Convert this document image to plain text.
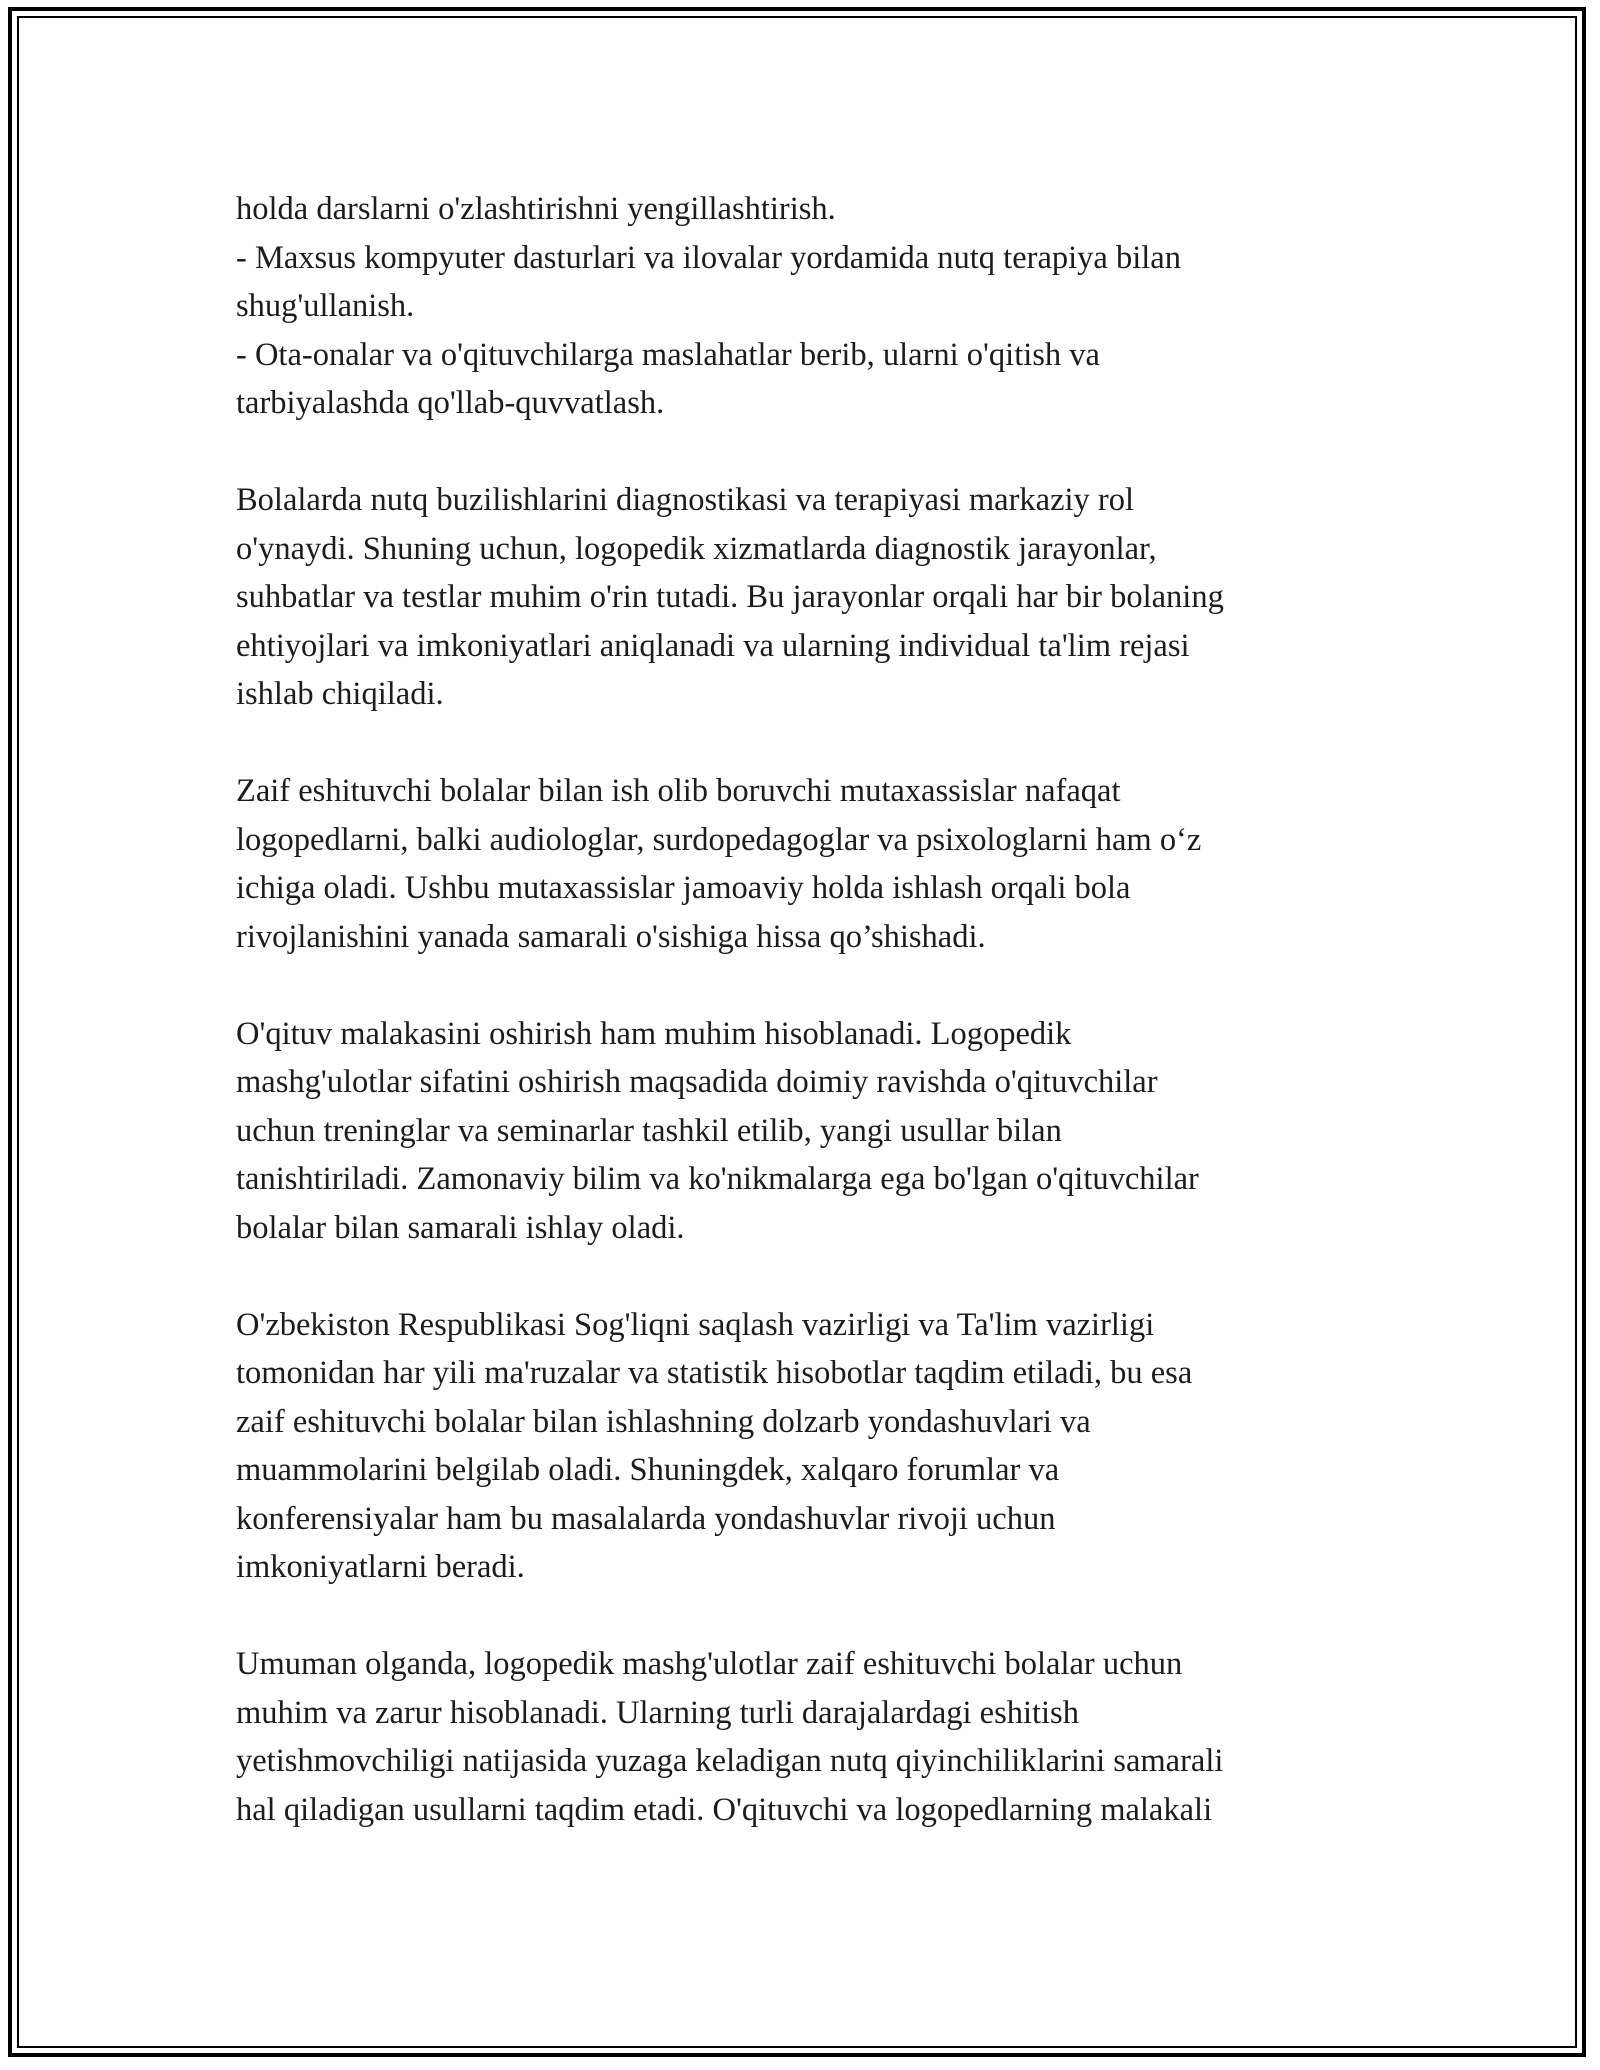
holda darslarni o'zlashtirishni yengillashtirish.
- Maxsus kompyuter dasturlari va ilovalar yordamida nutq terapiya bilan
shug'ullanish.
- Ota-onalar va o'qituvchilarga maslahatlar berib, ularni o'qitish va
tarbiyalashda qo'llab-quvvatlash.
Bolalarda nutq buzilishlarini diagnostikasi va terapiyasi markaziy rol
o'ynaydi. Shuning uchun, logopedik xizmatlarda diagnostik jarayonlar,
suhbatlar va testlar muhim o'rin tutadi. Bu jarayonlar orqali har bir bolaning
ehtiyojlari va imkoniyatlari aniqlanadi va ularning individual ta'lim rejasi
ishlab chiqiladi.
Zaif eshituvchi bolalar bilan ish olib boruvchi mutaxassislar nafaqat
logopedlarni, balki audiologlar, surdopedagoglar va psixologlarni ham o‘z
ichiga oladi. Ushbu mutaxassislar jamoaviy holda ishlash orqali bola
rivojlanishini yanada samarali o'sishiga hissa qo’shishadi.
O'qituv malakasini oshirish ham muhim hisoblanadi. Logopedik
mashg'ulotlar sifatini oshirish maqsadida doimiy ravishda o'qituvchilar
uchun treninglar va seminarlar tashkil etilib, yangi usullar bilan
tanishtiriladi. Zamonaviy bilim va ko'nikmalarga ega bo'lgan o'qituvchilar
bolalar bilan samarali ishlay oladi.
O'zbekiston Respublikasi Sog'liqni saqlash vazirligi va Ta'lim vazirligi
tomonidan har yili ma'ruzalar va statistik hisobotlar taqdim etiladi, bu esa
zaif eshituvchi bolalar bilan ishlashning dolzarb yondashuvlari va
muammolarini belgilab oladi. Shuningdek, xalqaro forumlar va
konferensiyalar ham bu masalalarda yondashuvlar rivoji uchun
imkoniyatlarni beradi.
Umuman olganda, logopedik mashg'ulotlar zaif eshituvchi bolalar uchun
muhim va zarur hisoblanadi. Ularning turli darajalardagi eshitish
yetishmovchiligi natijasida yuzaga keladigan nutq qiyinchiliklarini samarali
hal qiladigan usullarni taqdim etadi. O'qituvchi va logopedlarning malakali
